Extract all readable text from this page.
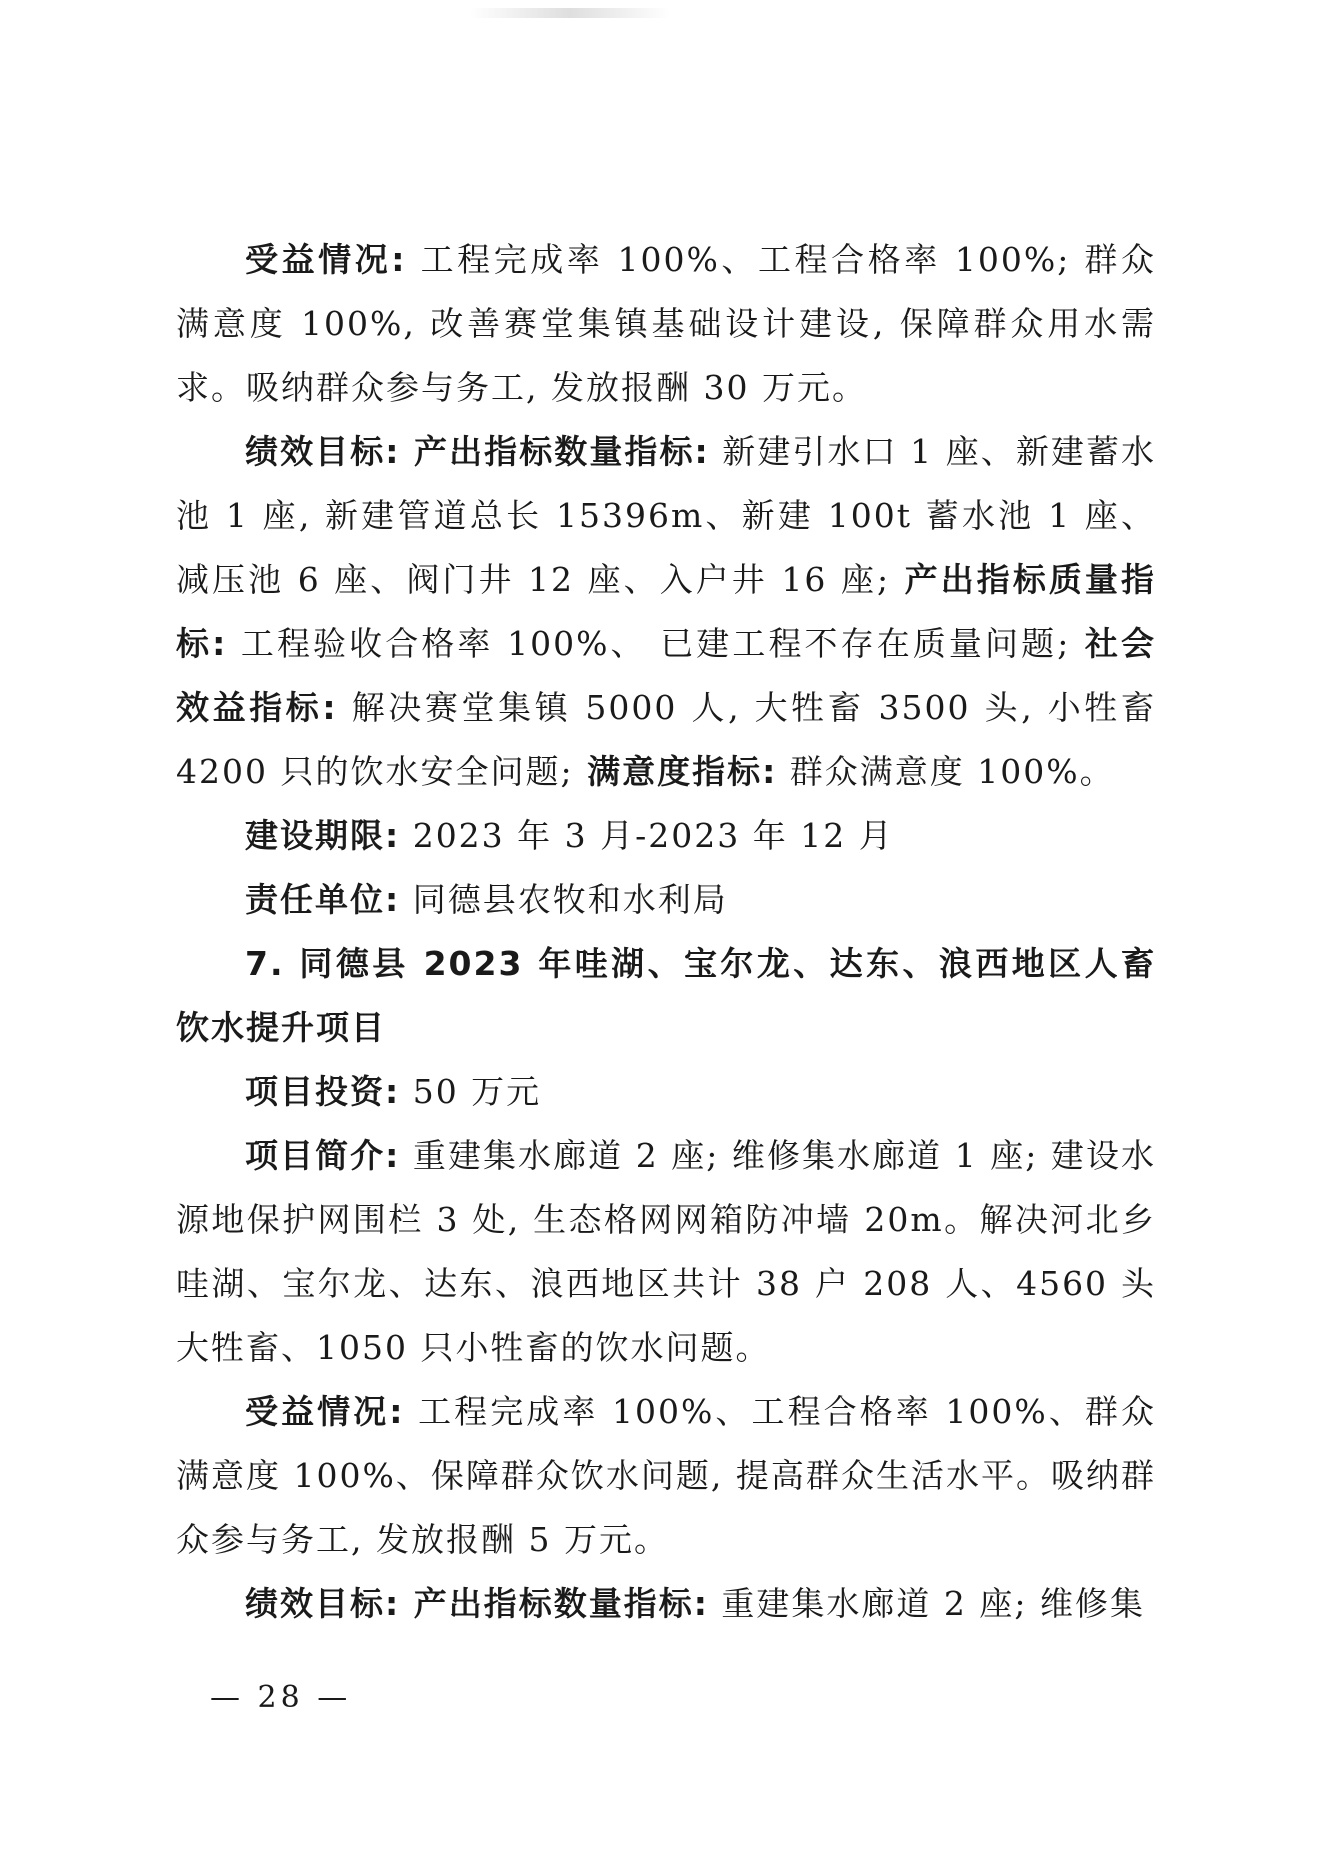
受益情况: 工程完成率 100%、工程合格率 100%; 群众满意度 100%, 改善赛堂集镇基础设计建设, 保障群众用水需求。吸纳群众参与务工, 发放报酬 30 万元。

绩效目标: 产出指标数量指标: 新建引水口 1 座、新建蓄水池 1 座, 新建管道总长 15396m、新建 100t 蓄水池 1 座、减压池 6 座、阀门井 12 座、入户井 16 座; 产出指标质量指标: 工程验收合格率 100%、 已建工程不存在质量问题; 社会效益指标: 解决赛堂集镇 5000 人, 大牲畜 3500 头, 小牲畜 4200 只的饮水安全问题; 满意度指标: 群众满意度 100%。

建设期限: 2023 年 3 月-2023 年 12 月

责任单位: 同德县农牧和水利局

7. 同德县 2023 年哇湖、宝尔龙、达东、浪西地区人畜饮水提升项目

项目投资: 50 万元

项目简介: 重建集水廊道 2 座; 维修集水廊道 1 座; 建设水源地保护网围栏 3 处, 生态格网网箱防冲墙 20m。解决河北乡哇湖、宝尔龙、达东、浪西地区共计 38 户 208 人、4560 头大牲畜、1050 只小牲畜的饮水问题。

受益情况: 工程完成率 100%、工程合格率 100%、群众满意度 100%、保障群众饮水问题, 提高群众生活水平。吸纳群众参与务工, 发放报酬 5 万元。

绩效目标: 产出指标数量指标: 重建集水廊道 2 座; 维修集

— 28 —
